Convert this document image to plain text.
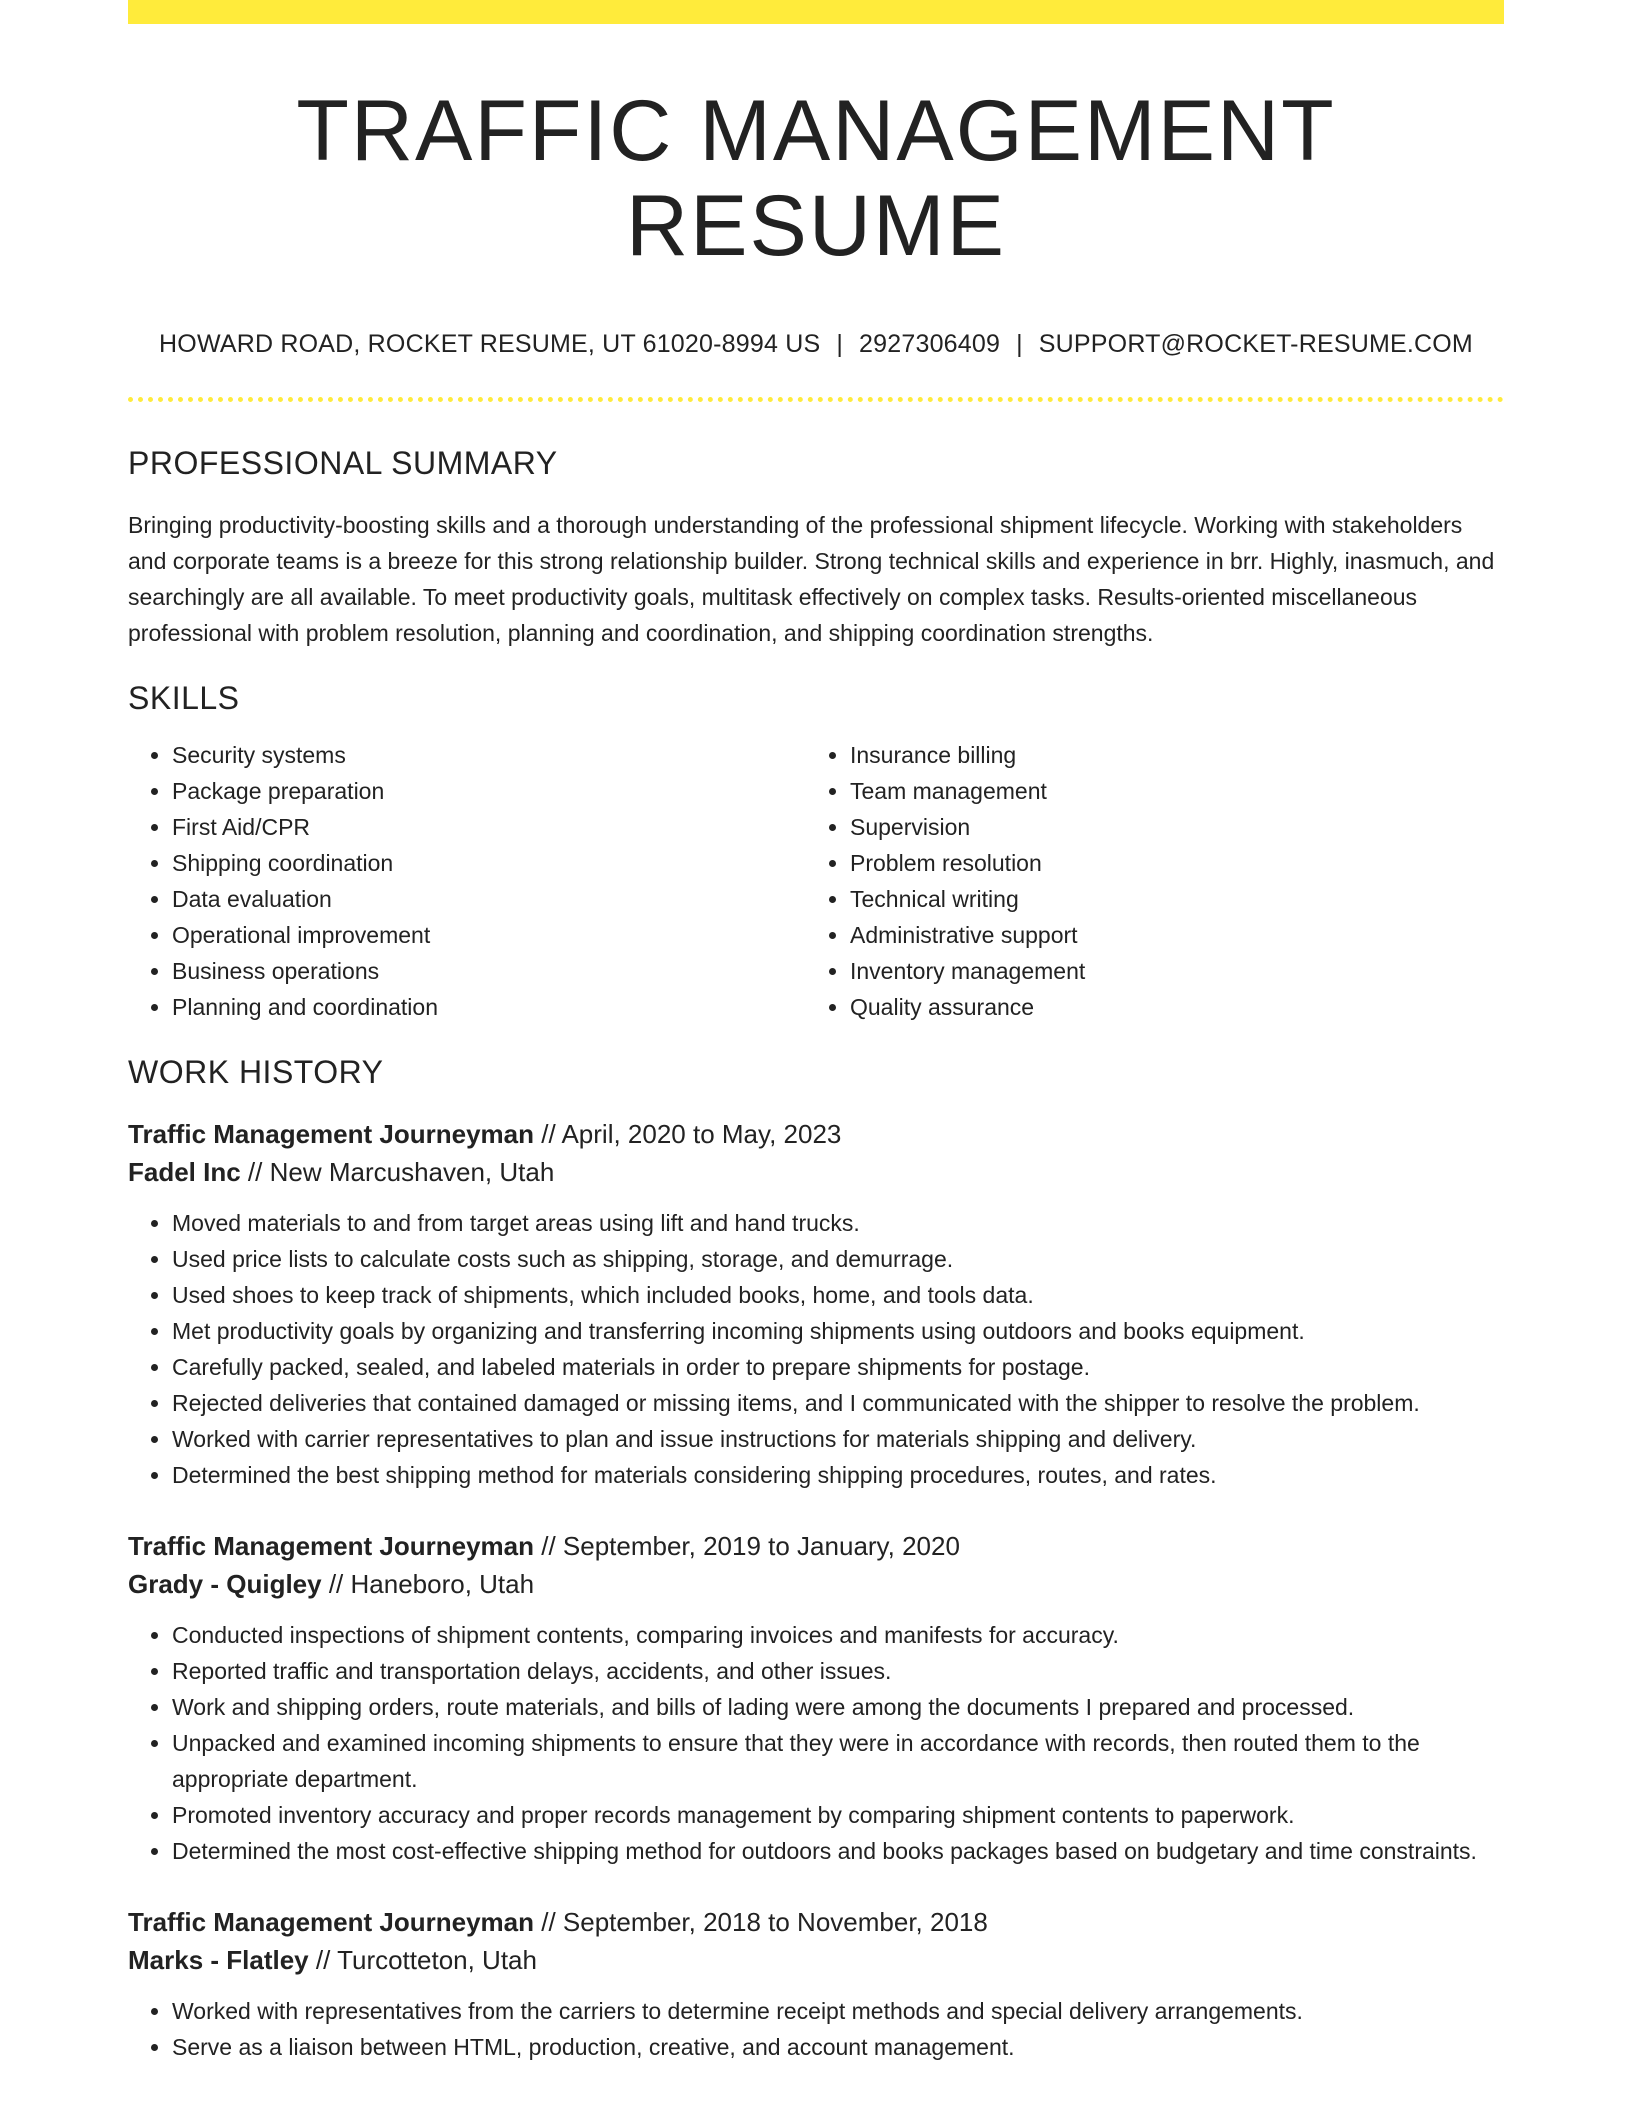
TRAFFIC MANAGEMENT RESUME
HOWARD ROAD, ROCKET RESUME, UT 61020-8994 US | 2927306409 | SUPPORT@ROCKET-RESUME.COM
PROFESSIONAL SUMMARY

Bringing productivity-boosting skills and a thorough understanding of the professional shipment lifecycle. Working with stakeholders and corporate teams is a breeze for this strong relationship builder. Strong technical skills and experience in brr. Highly, inasmuch, and searchingly are all available. To meet productivity goals, multitask effectively on complex tasks. Results-oriented miscellaneous professional with problem resolution, planning and coordination, and shipping coordination strengths.

SKILLS
• Security systems
• Package preparation
• First Aid/CPR
• Shipping coordination
• Data evaluation
• Operational improvement
• Business operations
• Planning and coordination
• Insurance billing
• Team management
• Supervision
• Problem resolution
• Technical writing
• Administrative support
• Inventory management
• Quality assurance
WORK HISTORY
Traffic Management Journeyman // April, 2020 to May, 2023
Fadel Inc // New Marcushaven, Utah
• Moved materials to and from target areas using lift and hand trucks.
• Used price lists to calculate costs such as shipping, storage, and demurrage.
• Used shoes to keep track of shipments, which included books, home, and tools data.
• Met productivity goals by organizing and transferring incoming shipments using outdoors and books equipment.
• Carefully packed, sealed, and labeled materials in order to prepare shipments for postage.
• Rejected deliveries that contained damaged or missing items, and I communicated with the shipper to resolve the problem.
• Worked with carrier representatives to plan and issue instructions for materials shipping and delivery.
• Determined the best shipping method for materials considering shipping procedures, routes, and rates.
Traffic Management Journeyman // September, 2019 to January, 2020
Grady - Quigley // Haneboro, Utah
• Conducted inspections of shipment contents, comparing invoices and manifests for accuracy.
• Reported traffic and transportation delays, accidents, and other issues.
• Work and shipping orders, route materials, and bills of lading were among the documents I prepared and processed.
• Unpacked and examined incoming shipments to ensure that they were in accordance with records, then routed them to the appropriate department.
• Promoted inventory accuracy and proper records management by comparing shipment contents to paperwork.
• Determined the most cost-effective shipping method for outdoors and books packages based on budgetary and time constraints.
Traffic Management Journeyman // September, 2018 to November, 2018
Marks - Flatley // Turcotteton, Utah
• Worked with representatives from the carriers to determine receipt methods and special delivery arrangements.
• Serve as a liaison between HTML, production, creative, and account management.
